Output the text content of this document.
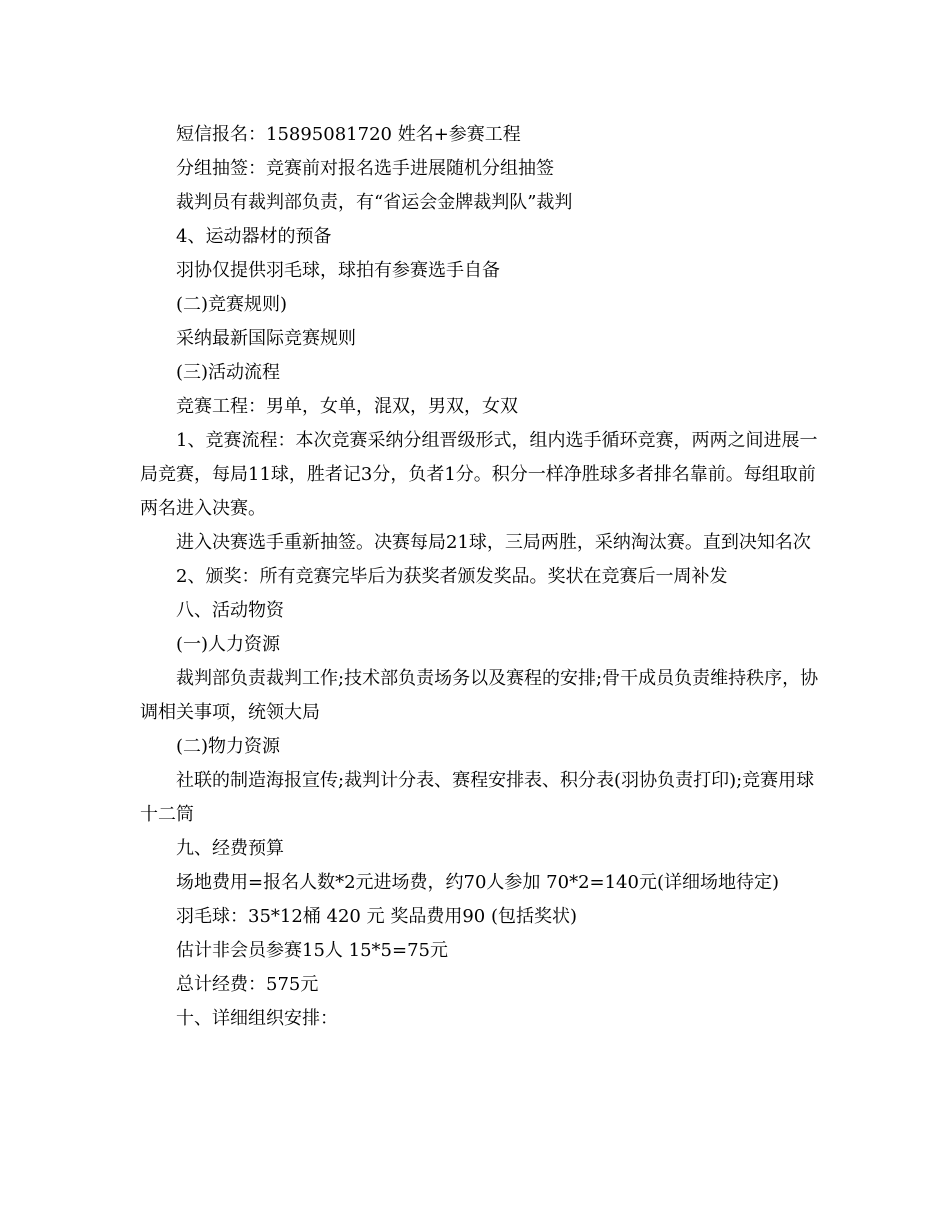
短信报名：15895081720 姓名+参赛工程

分组抽签：竞赛前对报名选手进展随机分组抽签

裁判员有裁判部负责，有“省运会金牌裁判队”裁判

4、运动器材的预备

羽协仅提供羽毛球，球拍有参赛选手自备

(二)竞赛规则)

采纳最新国际竞赛规则

(三)活动流程

竞赛工程：男单，女单，混双，男双，女双

1、竞赛流程：本次竞赛采纳分组晋级形式，组内选手循环竞赛，两两之间进展一局竞赛，每局11球，胜者记3分，负者1分。积分一样净胜球多者排名靠前。每组取前两名进入决赛。

进入决赛选手重新抽签。决赛每局21球，三局两胜，采纳淘汰赛。直到决知名次

2、颁奖：所有竞赛完毕后为获奖者颁发奖品。奖状在竞赛后一周补发

八、活动物资

(一)人力资源

裁判部负责裁判工作;技术部负责场务以及赛程的安排;骨干成员负责维持秩序，协调相关事项，统领大局

(二)物力资源

社联的制造海报宣传;裁判计分表、赛程安排表、积分表(羽协负责打印);竞赛用球十二筒

九、经费预算

场地费用=报名人数*2元进场费，约70人参加 70*2=140元(详细场地待定)

羽毛球：35*12桶 420 元 奖品费用90 (包括奖状)

估计非会员参赛15人 15*5=75元

总计经费：575元

十、详细组织安排：
